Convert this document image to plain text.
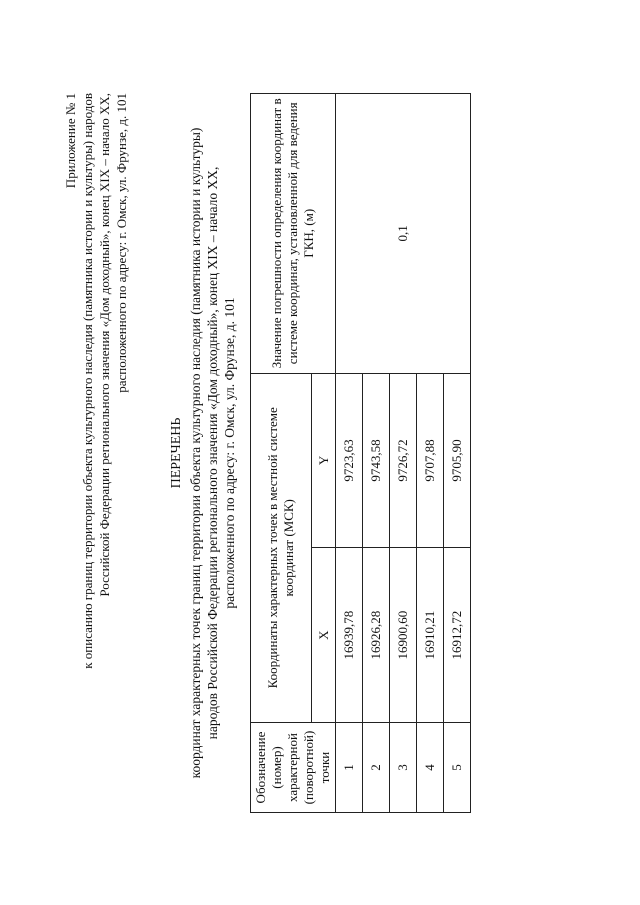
Приложение № 1 к описанию границ территории объекта культурного наследия (памятника истории и культуры) народов Российской Федерации регионального значения «Дом доходный», конец XIX – начало XX, расположенного по адресу: г. Омск, ул. Фрунзе, д. 101
ПЕРЕЧЕНЬ координат характерных точек границ территории объекта культурного наследия (памятника истории и культуры) народов Российской Федерации регионального значения «Дом доходный», конец XIX – начало XX, расположенного по адресу: г. Омск, ул. Фрунзе, д. 101
Обозначение (номер) характерной (поворотной) точки	Координаты характерных точек в местной системе координат (МСК)		Значение погрешности определения координат в системе координат, установленной для ведения ГКН, (м)
	X	Y	
1	16939,78	9723,63	0,1
2	16926,28	9743,58	
3	16900,60	9726,72	
4	16910,21	9707,88	
5	16912,72	9705,90	
